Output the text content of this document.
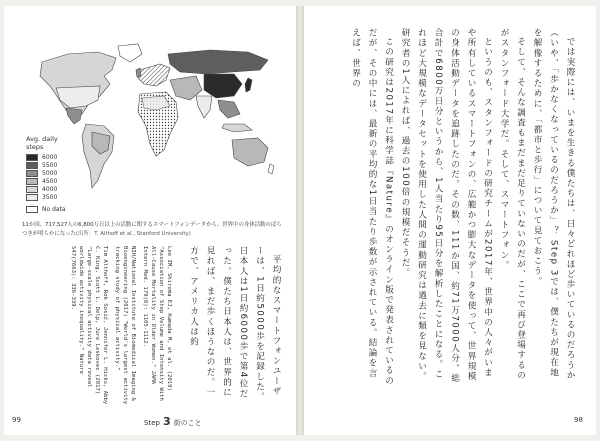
Avg. daily steps
6000
5500
5000
4500
4000
3500
No data
11か国、717,527人の6,800万日以上の活動に関するスマートフォンデータから、世界中の身体活動のばらつきが明らかになった(出所：T. Althoff et al., Stanford University)

平均的なスマートフォンユーザーは、1日約5000歩を記録した。日本人は1日約6000歩で第4位だった。僕たち日本人は、世界的に見れば、まだ歩くほうなのだ。一方で、アメリカ人は約

Lee IM, Shiroma EJ, Kamada M, et al. (2019) "Association of Step Volume and Intensity With All-Cause Mortality in Older Women." JAMA Intern Med. 179(8): 1105-1112.

NIH/National Institute of Biomedical Imaging & Bioengineering (2017) "World's largest activity tracking study of physical activity."

Tim Althoff, Rok Sosič, Jennifer L. Hicks, Abby C. King, Scott L. Delp, Jure Leskovec (2017) "Large-scale physical activity data reveal worldwide activity inequality." Nature 547(7663): 336-339.

99	Step 3 街のこと

では実際には、いまを生きる僕たちは、日々どれほど歩いているのだろうか（いや、「歩かなくなっているのだろうか」？ Step 3では、僕たちが現在地を解像するために、「都市と歩行」について見ておこう。

そして、そんな調査もまだまだ足りていないのだが、ここで再び登場するのがスタンフォード大学だ。そして、スマートフォン。

というのも、スタンフォードの研究チームが2017年、世界中の人々がいまや所有しているスマートフォンの、広範かつ膨大なデータを使って、世界規模の身体活動データを追跡したのだ。その数、111か国、約71万7000人分。総合計で6800万日分というから、1人当たり95日分を解析したことになる。これほど大規模なデータセットを使用した人間の運動研究は過去に類を見ない。研究者の1人によれば、過去の100倍の規模だそうだ。

この研究は2017年に科学誌『Nature』のオンライン版で発表されているのだが、その中には、最新の平均的な1日当たり歩数が示されている。結論を言えば、世界の

98
